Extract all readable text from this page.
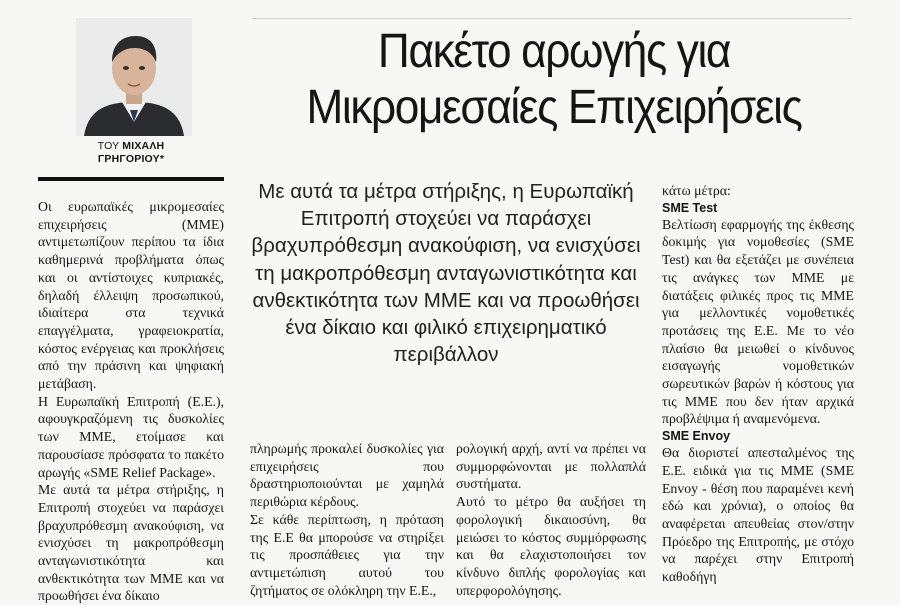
ΤΟΥ ΜΙΧΑΛΗ
ΓΡΗΓΟΡΙΟΥ*
Πακέτο αρωγής για
Μικρομεσαίες Επιχειρήσεις
Με αυτά τα μέτρα στήριξης, η Ευρωπαϊκή Επιτροπή στοχεύει να παράσχει βραχυπρόθεσμη ανακούφιση, να ενισχύσει τη μακροπρόθεσμη ανταγωνιστικότητα και ανθεκτικότητα των ΜΜΕ και να προωθήσει ένα δίκαιο και φιλικό επιχειρηματικό περιβάλλον

Οι ευρωπαϊκές μικρομεσαίες επιχειρήσεις (ΜΜΕ) αντιμετωπίζουν περίπου τα ίδια καθημερινά προβλήματα όπως και οι αντίστοιχες κυπριακές, δηλαδή έλλειψη προσωπικού, ιδιαίτερα στα τεχνικά επαγγέλματα, γραφειοκρατία, κόστος ενέργειας και προκλήσεις από την πράσινη και ψηφιακή μετάβαση.

Η Ευρωπαϊκή Επιτροπή (Ε.Ε.), αφουγκραζόμενη τις δυσκολίες των ΜΜΕ, ετοίμασε και παρουσίασε πρόσφατα το πακέτο αρωγής «SME Relief Package».

Με αυτά τα μέτρα στήριξης, η Επιτροπή στοχεύει να παράσχει βραχυπρόθεσμη ανακούφιση, να ενισχύσει τη μακροπρόθεσμη ανταγωνιστικότητα και ανθεκτικότητα των ΜΜΕ και να προωθήσει ένα δίκαιο

πληρωμής προκαλεί δυσκολίες για επιχειρήσεις που δραστηριοποιούνται με χαμηλά περιθώρια κέρδους.

Σε κάθε περίπτωση, η πρόταση της Ε.Ε θα μπορούσε να στηρίξει τις προσπάθειες για την αντιμετώπιση αυτού του ζητήματος σε ολόκληρη την Ε.Ε.,

ρολογική αρχή, αντί να πρέπει να συμμορφώνονται με πολλαπλά συστήματα.

Αυτό το μέτρο θα αυξήσει τη φορολογική δικαιοσύνη, θα μειώσει το κόστος συμμόρφωσης και θα ελαχιστοποιήσει τον κίνδυνο διπλής φορολογίας και υπερφορολόγησης.

κάτω μέτρα:

SME Test

Βελτίωση εφαρμογής της έκθεσης δοκιμής για νομοθεσίες (SME Test) και θα εξετάζει με συνέπεια τις ανάγκες των ΜΜΕ με διατάξεις φιλικές προς τις ΜΜΕ για μελλοντικές νομοθετικές προτάσεις της Ε.Ε. Με το νέο πλαίσιο θα μειωθεί ο κίνδυνος εισαγωγής νομοθετικών σωρευτικών βαρών ή κόστους για τις ΜΜΕ που δεν ήταν αρχικά προβλέψιμα ή αναμενόμενα.

SME Envoy

Θα διοριστεί απεσταλμένος της Ε.Ε. ειδικά για τις ΜΜΕ (SME Envoy - θέση που παραμένει κενή εδώ και χρόνια), ο οποίος θα αναφέρεται απευθείας στον/στην Πρόεδρο της Επιτροπής, με στόχο να παρέχει στην Επιτροπή καθοδήγη
